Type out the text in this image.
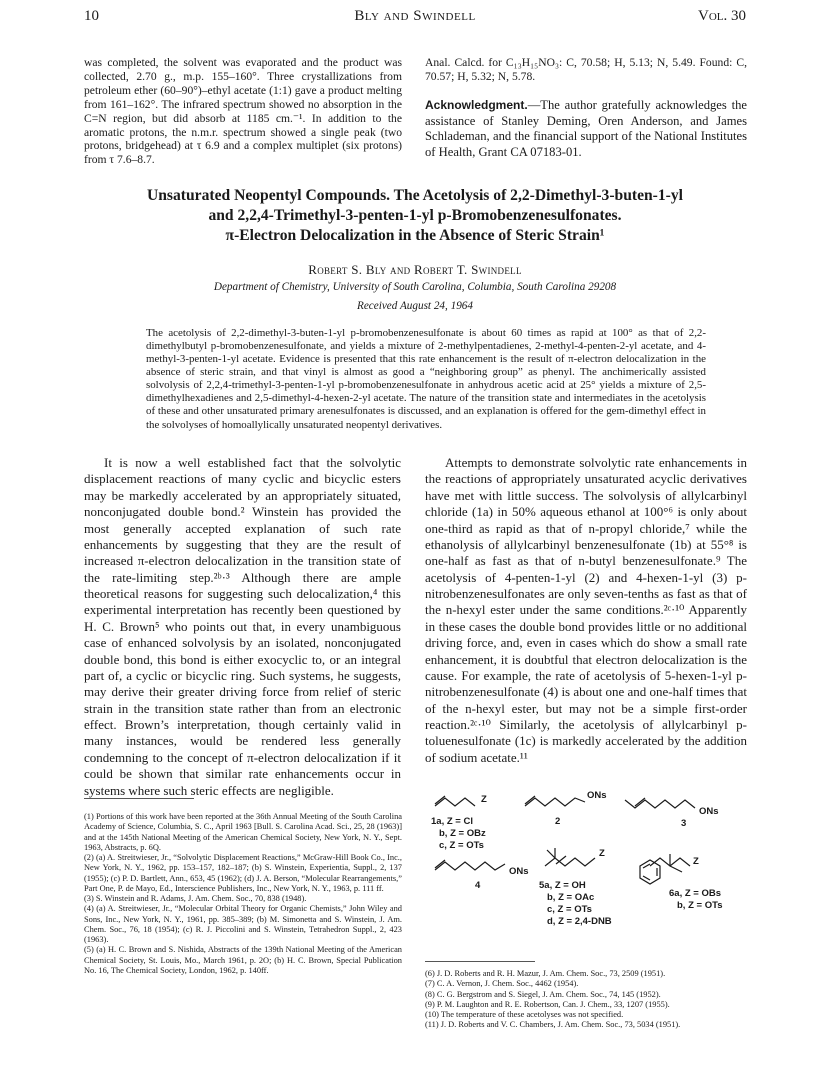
10	Bly and Swindell	Vol. 30

was completed, the solvent was evaporated and the product was collected, 2.70 g., m.p. 155–160°. Three crystallizations from petroleum ether (60–90°)–ethyl acetate (1:1) gave a product melting from 161–162°. The infrared spectrum showed no absorption in the C=N region, but did absorb at 1185 cm.⁻¹. In addition to the aromatic protons, the n.m.r. spectrum showed a single peak (two protons, bridgehead) at τ 6.9 and a complex multiplet (six protons) from τ 7.6–8.7.

Anal. Calcd. for C₁₃H₁₅NO₃: C, 70.58; H, 5.13; N, 5.49. Found: C, 70.57; H, 5.32; N, 5.78.

Acknowledgment.—The author gratefully acknowledges the assistance of Stanley Deming, Oren Anderson, and James Schlademan, and the financial support of the National Institutes of Health, Grant CA 07183-01.

Unsaturated Neopentyl Compounds. The Acetolysis of 2,2-Dimethyl-3-buten-1-yl
and 2,2,4-Trimethyl-3-penten-1-yl p-Bromobenzenesulfonates.
π-Electron Delocalization in the Absence of Steric Strain¹
Robert S. Bly and Robert T. Swindell
Department of Chemistry, University of South Carolina, Columbia, South Carolina 29208
Received August 24, 1964
The acetolysis of 2,2-dimethyl-3-buten-1-yl p-bromobenzenesulfonate is about 60 times as rapid at 100° as that of 2,2-dimethylbutyl p-bromobenzenesulfonate, and yields a mixture of 2-methylpentadienes, 2-methyl-4-penten-2-yl acetate, and 4-methyl-3-penten-1-yl acetate. Evidence is presented that this rate enhancement is the result of π-electron delocalization in the absence of steric strain, and that vinyl is almost as good a “neighboring group” as phenyl. The anchimerically assisted solvolysis of 2,2,4-trimethyl-3-penten-1-yl p-bromobenzenesulfonate in anhydrous acetic acid at 25° yields a mixture of 2,5-dimethylhexadienes and 2,5-dimethyl-4-hexen-2-yl acetate. The nature of the transition state and intermediates in the acetolysis of these and other unsaturated primary arenesulfonates is discussed, and an explanation is offered for the gem-dimethyl effect in the solvolyses of homoallylically unsaturated neopentyl derivatives.
It is now a well established fact that the solvolytic displacement reactions of many cyclic and bicyclic esters may be markedly accelerated by an appropriately situated, nonconjugated double bond.² Winstein has provided the most generally accepted explanation of such rate enhancements by suggesting that they are the result of increased π-electron delocalization in the transition state of the rate-limiting step.²ᵇ·³ Although there are ample theoretical reasons for suggesting such delocalization,⁴ this experimental interpretation has recently been questioned by H. C. Brown⁵ who points out that, in every unambiguous case of enhanced solvolysis by an isolated, nonconjugated double bond, this bond is either exocyclic to, or an integral part of, a cyclic or bicyclic ring. Such systems, he suggests, may derive their greater driving force from relief of steric strain in the transition state rather than from an electronic effect. Brown’s interpretation, though certainly valid in many instances, would be rendered less generally condemning to the concept of π-electron delocalization if it could be shown that similar rate enhancements occur in systems where such steric effects are negligible.
Attempts to demonstrate solvolytic rate enhancements in the reactions of appropriately unsaturated acyclic derivatives have met with little success. The solvolysis of allylcarbinyl chloride (1a) in 50% aqueous ethanol at 100°⁶ is only about one-third as rapid as that of n-propyl chloride,⁷ while the ethanolysis of allylcarbinyl benzenesulfonate (1b) at 55°⁸ is one-half as fast as that of n-butyl benzenesulfonate.⁹ The acetolysis of 4-penten-1-yl (2) and 4-hexen-1-yl (3) p-nitrobenzenesulfonates are only seven-tenths as fast as that of the n-hexyl ester under the same conditions.²ᶜ·¹⁰ Apparently in these cases the double bond provides little or no additional driving force, and, even in cases which do show a small rate enhancement, it is doubtful that electron delocalization is the cause. For example, the rate of acetolysis of 5-hexen-1-yl p-nitrobenzenesulfonate (4) is about one and one-half times that of the n-hexyl ester, but may not be a simple first-order reaction.²ᶜ·¹⁰ Similarly, the acetolysis of allylcarbinyl p-toluenesulfonate (1c) is markedly accelerated by the addition of sodium acetate.¹¹
Z
1a, Z = Cl
b, Z = OBz
c, Z = OTs
ONs
2
ONs
3
ONs
4
Z
5a, Z = OH
b, Z = OAc
c, Z = OTs
d, Z = 2,4-DNB
Z
6a, Z = OBs
b, Z = OTs

(1) Portions of this work have been reported at the 36th Annual Meeting of the South Carolina Academy of Science, Columbia, S. C., April 1963 [Bull. S. Carolina Acad. Sci., 25, 28 (1963)] and at the 145th National Meeting of the American Chemical Society, New York, N. Y., Sept. 1963, Abstracts, p. 6Q.

(2) (a) A. Streitwieser, Jr., “Solvolytic Displacement Reactions,” McGraw-Hill Book Co., Inc., New York, N. Y., 1962, pp. 153–157, 182–187; (b) S. Winstein, Experientia, Suppl., 2, 137 (1955); (c) P. D. Bartlett, Ann., 653, 45 (1962); (d) J. A. Berson, “Molecular Rearrangements,” Part One, P. de Mayo, Ed., Interscience Publishers, Inc., New York, N. Y., 1963, p. 111 ff.

(3) S. Winstein and R. Adams, J. Am. Chem. Soc., 70, 838 (1948).

(4) (a) A. Streitwieser, Jr., “Molecular Orbital Theory for Organic Chemists,” John Wiley and Sons, Inc., New York, N. Y., 1961, pp. 385–389; (b) M. Simonetta and S. Winstein, J. Am. Chem. Soc., 76, 18 (1954); (c) R. J. Piccolini and S. Winstein, Tetrahedron Suppl., 2, 423 (1963).

(5) (a) H. C. Brown and S. Nishida, Abstracts of the 139th National Meeting of the American Chemical Society, St. Louis, Mo., March 1961, p. 2O; (b) H. C. Brown, Special Publication No. 16, The Chemical Society, London, 1962, p. 140ff.	(6) J. D. Roberts and R. H. Mazur, J. Am. Chem. Soc., 73, 2509 (1951).

(7) C. A. Vernon, J. Chem. Soc., 4462 (1954).

(8) C. G. Bergstrom and S. Siegel, J. Am. Chem. Soc., 74, 145 (1952).

(9) P. M. Laughton and R. E. Robertson, Can. J. Chem., 33, 1207 (1955).

(10) The temperature of these acetolyses was not specified.

(11) J. D. Roberts and V. C. Chambers, J. Am. Chem. Soc., 73, 5034 (1951).
